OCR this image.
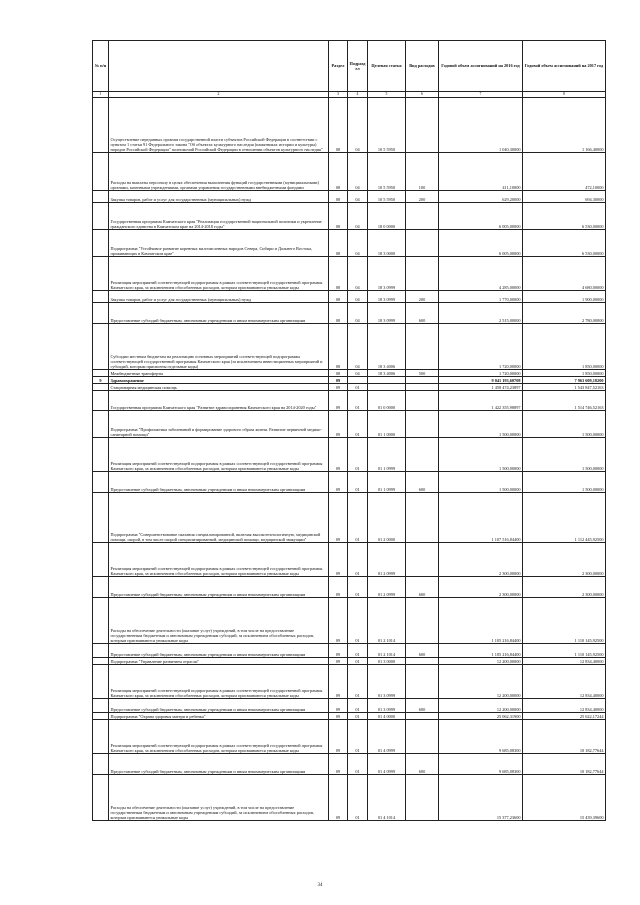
№ п/п		Раздел	Подраздел	Целевая статья	Вид расходов	Годовой объем ассигнований на 2016 год	Годовой объем ассигнований на 2017 год
1	2	3	4	5	6	7	8
	Осуществление переданных органам государственной власти субъектов Российской Федерации в соответствии с пунктом 1 статьи 91 Федерального закона "Об объектах культурного наследия (памятниках истории и культуры) народов Российской Федерации" полномочий Российской Федерации в отношении объектов культурного наследия"	08	04	10 5 5950		1 040,30000	1 166,40000
	Расходы на выплаты персоналу в целях обеспечения выполнения функций государственными (муниципальными) органами, казенными учреждениями, органами управления государственными внебюджетными фондами	08	04	10 5 5950	100	411,10000	472,10000
	Закупка товаров, работ и услуг для государственных (муниципальных) нужд	08	04	10 5 5950	200	629,20000	694,30000
	Государственная программа Камчатского края "Реализация государственной национальной политики и укрепление гражданского единства в Камчатском крае на 2014-2018 годы"	08	04	18 0 0000		6 005,00000	6 530,00000
	Подпрограмма "Устойчивое развитие коренных малочисленных народов Севера, Сибири и Дальнего Востока, проживающих в Камчатском крае"	08	04	18 3 0000		6 005,00000	6 530,00000
	Реализация мероприятий соответствующей подпрограммы в рамках соответствующей государственной программы Камчатского края, за исключением обособленных расходов, которым присваиваются уникальные коды	08	04	18 3 0999		4 285,00000	4 680,00000
	Закупка товаров, работ и услуг для государственных (муниципальных) нужд	08	04	18 3 0999	200	1 770,00000	1 900,00000
	Предоставление субсидий бюджетным, автономным учреждениям и иным некоммерческим организациям	08	04	18 3 0999	600	2 515,00000	2 780,00000
	Субсидии местным бюджетам на реализацию основных мероприятий соответствующей подпрограммы соответствующей государственной программы Камчатского края (за исключением инвестиционных мероприятий и субсидий, которым присвоены отдельные коды)	08	04	18 3 4006		1 720,00000	1 850,00000
	Межбюджетные трансферты	08	04	18 3 4006	500	1 720,00000	1 850,00000
9	Здравоохранение	09				9 041 193,60708	7 963 609,18200
	Стационарная медицинская помощь	09	01			1 458 474,23897	1 543 847,52163
	Государственная программа Камчатского края "Развитие здравоохранения Камчатского края на 2014-2020 годы"	09	01	01 0 0000		1 422 355,98897	1 514 746,52163
	Подпрограмма "Профилактика заболеваний и формирование здорового образа жизни. Развитие первичной медико-санитарной помощи"	09	01	01 1 0000		1 500,00000	1 500,00000
	Реализация мероприятий соответствующей подпрограммы в рамках соответствующей государственной программы Камчатского края, за исключением обособленных расходов, которым присваиваются уникальные коды	09	01	01 1 0999		1 500,00000	1 500,00000
	Предоставление субсидий бюджетным, автономным учреждениям и иным некоммерческим организациям	09	01	01 1 0999	600	1 500,00000	1 500,00000
	Подпрограмма "Совершенствование оказания специализированной, включая высокотехнологичную, медицинской помощи, скорой, в том числе скорой специализированной, медицинской помощи, медицинской эвакуации"	09	01	01 2 0000		1 107 516,84400	1 112 445,92500
	Реализация мероприятий соответствующей подпрограммы в рамках соответствующей государственной программы Камчатского края, за исключением обособленных расходов, которым присваиваются уникальные коды	09	01	01 2 0999		2 300,00000	2 300,00000
	Предоставление субсидий бюджетным, автономным учреждениям и иным некоммерческим организациям	09	01	01 2 0999	600	2 300,00000	2 300,00000
	Расходы на обеспечение деятельности (оказание услуг) учреждений, в том числе на предоставление государственным бюджетным и автономным учреждениям субсидий, за исключением обособленных расходов, которым присваиваются уникальные коды	09	01	01 2 1014		1 105 216,84400	1 110 145,92500
	Предоставление субсидий бюджетным, автономным учреждениям и иным некоммерческим организациям	09	01	01 2 1014	600	1 105 216,84400	1 110 145,92500
	Подпрограмма "Управление развитием отрасли"	09	01	01 3 0000		12 200,00000	12 834,40000
	Реализация мероприятий соответствующей подпрограммы в рамках соответствующей государственной программы Камчатского края, за исключением обособленных расходов, которым присваиваются уникальные коды	09	01	01 3 0999		12 200,00000	12 834,40000
	Предоставление субсидий бюджетным, автономным учреждениям и иным некоммерческим организациям	09	01	01 3 0999	600	12 200,00000	12 834,40000
	Подпрограмма "Охрана здоровья матери и ребенка"	09	01	01 4 0000		25 062,31900	25 622,17244
	Реализация мероприятий соответствующей подпрограммы в рамках соответствующей государственной программы Камчатского края, за исключением обособленных расходов, которым присваиваются уникальные коды	09	01	01 4 0999		9 685,08300	10 182,77644
	Предоставление субсидий бюджетным, автономным учреждениям и иным некоммерческим организациям	09	01	01 4 0999	600	9 685,08300	10 182,77644
	Расходы на обеспечение деятельности (оказание услуг) учреждений, в том числе на предоставление государственным бюджетным и автономным учреждениям субсидий, за исключением обособленных расходов, которым присваиваются уникальные коды	09	01	01 4 1014		15 377,23600	15 439,39600
34
